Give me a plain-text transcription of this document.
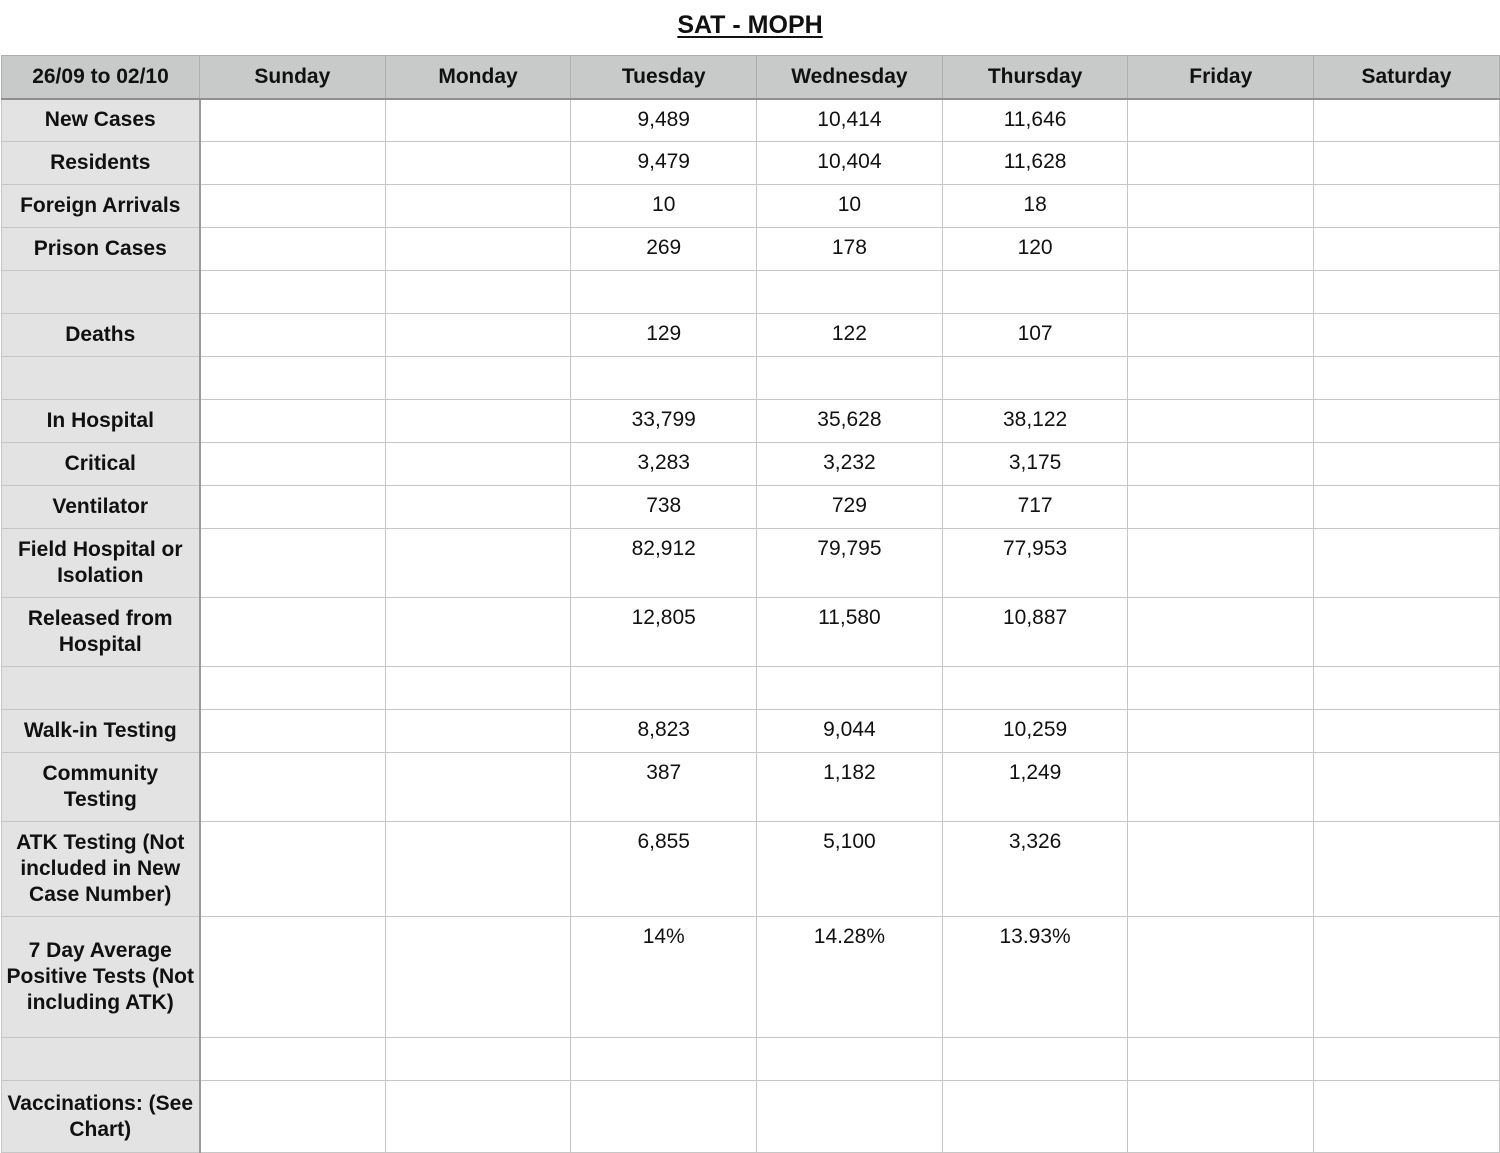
SAT - MOPH
26/09 to 02/10	Sunday	Monday	Tuesday	Wednesday	Thursday	Friday	Saturday
New Cases			9,489	10,414	11,646		
Residents			9,479	10,404	11,628		
Foreign Arrivals			10	10	18		
Prison Cases			269	178	120		

Deaths			129	122	107		

In Hospital			33,799	35,628	38,122		
Critical			3,283	3,232	3,175		
Ventilator			738	729	717		
Field Hospital or Isolation			82,912	79,795	77,953		
Released from Hospital			12,805	11,580	10,887		

Walk-in Testing			8,823	9,044	10,259		
Community Testing			387	1,182	1,249		
ATK Testing (Not included in New Case Number)			6,855	5,100	3,326		
7 Day Average Positive Tests (Not including ATK)			14%	14.28%	13.93%		

Vaccinations: (See Chart)							
